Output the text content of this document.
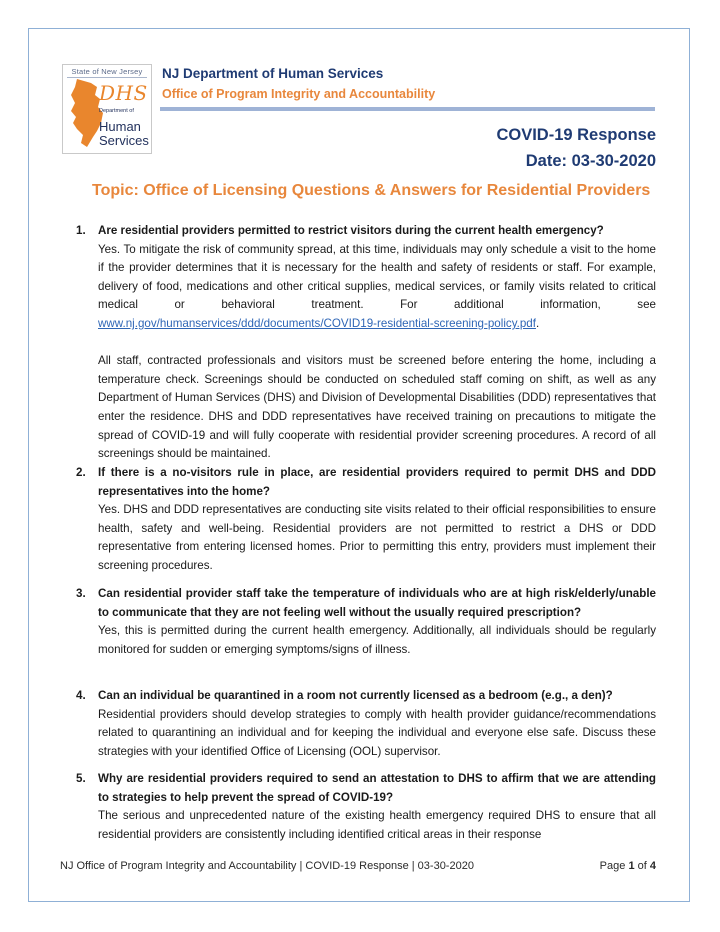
State of New Jersey
DHS
Department of
Human
Services
NJ Department of Human Services
Office of Program Integrity and Accountability
COVID-19 Response
Date: 03-30-2020
Topic: Office of Licensing Questions & Answers for Residential Providers
1. Are residential providers permitted to restrict visitors during the current health emergency?
Yes. To mitigate the risk of community spread, at this time, individuals may only schedule a visit to the home if the provider determines that it is necessary for the health and safety of residents or staff. For example, delivery of food, medications and other critical supplies, medical services, or family visits related to critical medical or behavioral treatment. For additional information, see www.nj.gov/humanservices/ddd/documents/COVID19-residential-screening-policy.pdf.
All staff, contracted professionals and visitors must be screened before entering the home, including a temperature check. Screenings should be conducted on scheduled staff coming on shift, as well as any Department of Human Services (DHS) and Division of Developmental Disabilities (DDD) representatives that enter the residence. DHS and DDD representatives have received training on precautions to mitigate the spread of COVID-19 and will fully cooperate with residential provider screening procedures. A record of all screenings should be maintained.
2. If there is a no-visitors rule in place, are residential providers required to permit DHS and DDD representatives into the home?
Yes. DHS and DDD representatives are conducting site visits related to their official responsibilities to ensure health, safety and well-being. Residential providers are not permitted to restrict a DHS or DDD representative from entering licensed homes. Prior to permitting this entry, providers must implement their screening procedures.
3. Can residential provider staff take the temperature of individuals who are at high risk/elderly/unable to communicate that they are not feeling well without the usually required prescription?
Yes, this is permitted during the current health emergency. Additionally, all individuals should be regularly monitored for sudden or emerging symptoms/signs of illness.
4. Can an individual be quarantined in a room not currently licensed as a bedroom (e.g., a den)?
Residential providers should develop strategies to comply with health provider guidance/recommendations related to quarantining an individual and for keeping the individual and everyone else safe. Discuss these strategies with your identified Office of Licensing (OOL) supervisor.
5. Why are residential providers required to send an attestation to DHS to affirm that we are attending to strategies to help prevent the spread of COVID-19?
The serious and unprecedented nature of the existing health emergency required DHS to ensure that all residential providers are consistently including identified critical areas in their response
NJ Office of Program Integrity and Accountability | COVID-19 Response | 03-30-2020	Page 1 of 4
